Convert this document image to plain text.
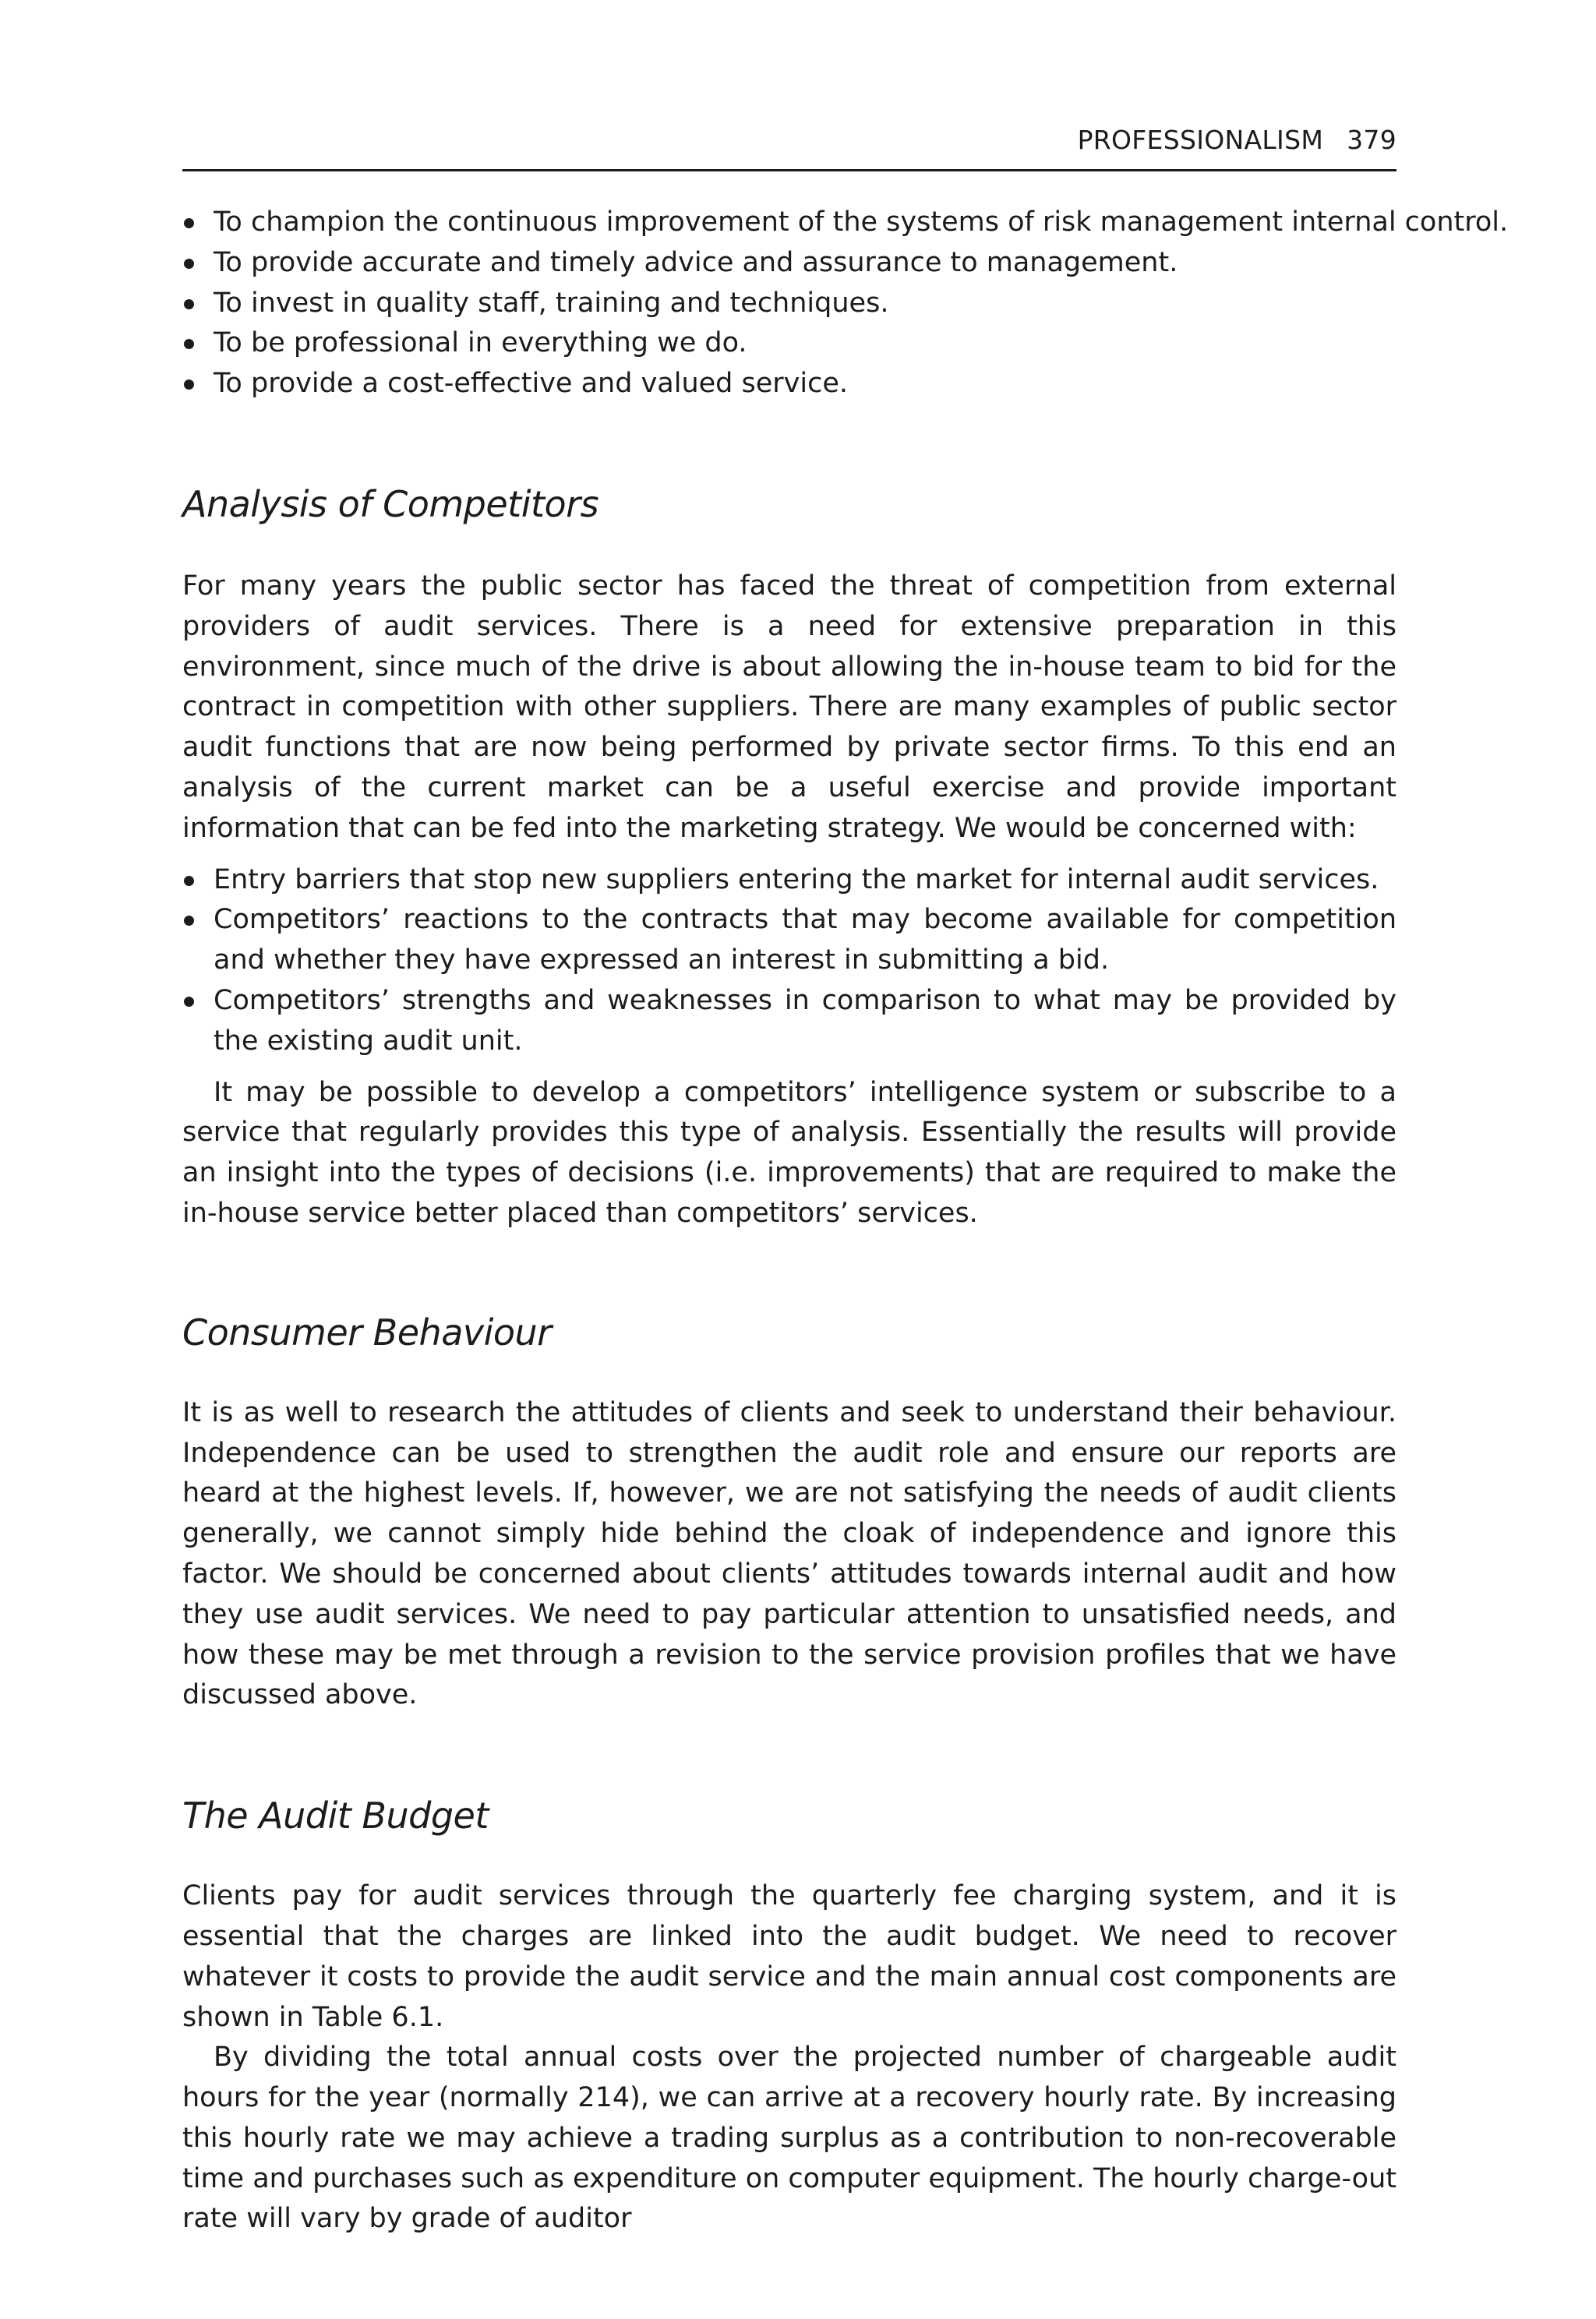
PROFESSIONALISM 379
To champion the continuous improvement of the systems of risk management internal control.
To provide accurate and timely advice and assurance to management.
To invest in quality staff, training and techniques.
To be professional in everything we do.
To provide a cost-effective and valued service.
Analysis of Competitors

For many years the public sector has faced the threat of competition from external providers of audit services. There is a need for extensive preparation in this environment, since much of the drive is about allowing the in-house team to bid for the contract in competition with other suppliers. There are many examples of public sector audit functions that are now being performed by private sector firms. To this end an analysis of the current market can be a useful exercise and provide important information that can be fed into the marketing strategy. We would be concerned with:

Entry barriers that stop new suppliers entering the market for internal audit services.
Competitors’ reactions to the contracts that may become available for competition and whether they have expressed an interest in submitting a bid.
Competitors’ strengths and weaknesses in comparison to what may be provided by the existing audit unit.

It may be possible to develop a competitors’ intelligence system or subscribe to a service that regularly provides this type of analysis. Essentially the results will provide an insight into the types of decisions (i.e. improvements) that are required to make the in-house service better placed than competitors’ services.

Consumer Behaviour

It is as well to research the attitudes of clients and seek to understand their behaviour. Independence can be used to strengthen the audit role and ensure our reports are heard at the highest levels. If, however, we are not satisfying the needs of audit clients generally, we cannot simply hide behind the cloak of independence and ignore this factor. We should be concerned about clients’ attitudes towards internal audit and how they use audit services. We need to pay particular attention to unsatisfied needs, and how these may be met through a revision to the service provision profiles that we have discussed above.

The Audit Budget

Clients pay for audit services through the quarterly fee charging system, and it is essential that the charges are linked into the audit budget. We need to recover whatever it costs to provide the audit service and the main annual cost components are shown in Table 6.1.

By dividing the total annual costs over the projected number of chargeable audit hours for the year (normally 214), we can arrive at a recovery hourly rate. By increasing this hourly rate we may achieve a trading surplus as a contribution to non-recoverable time and purchases such as expenditure on computer equipment. The hourly charge-out rate will vary by grade of auditor
